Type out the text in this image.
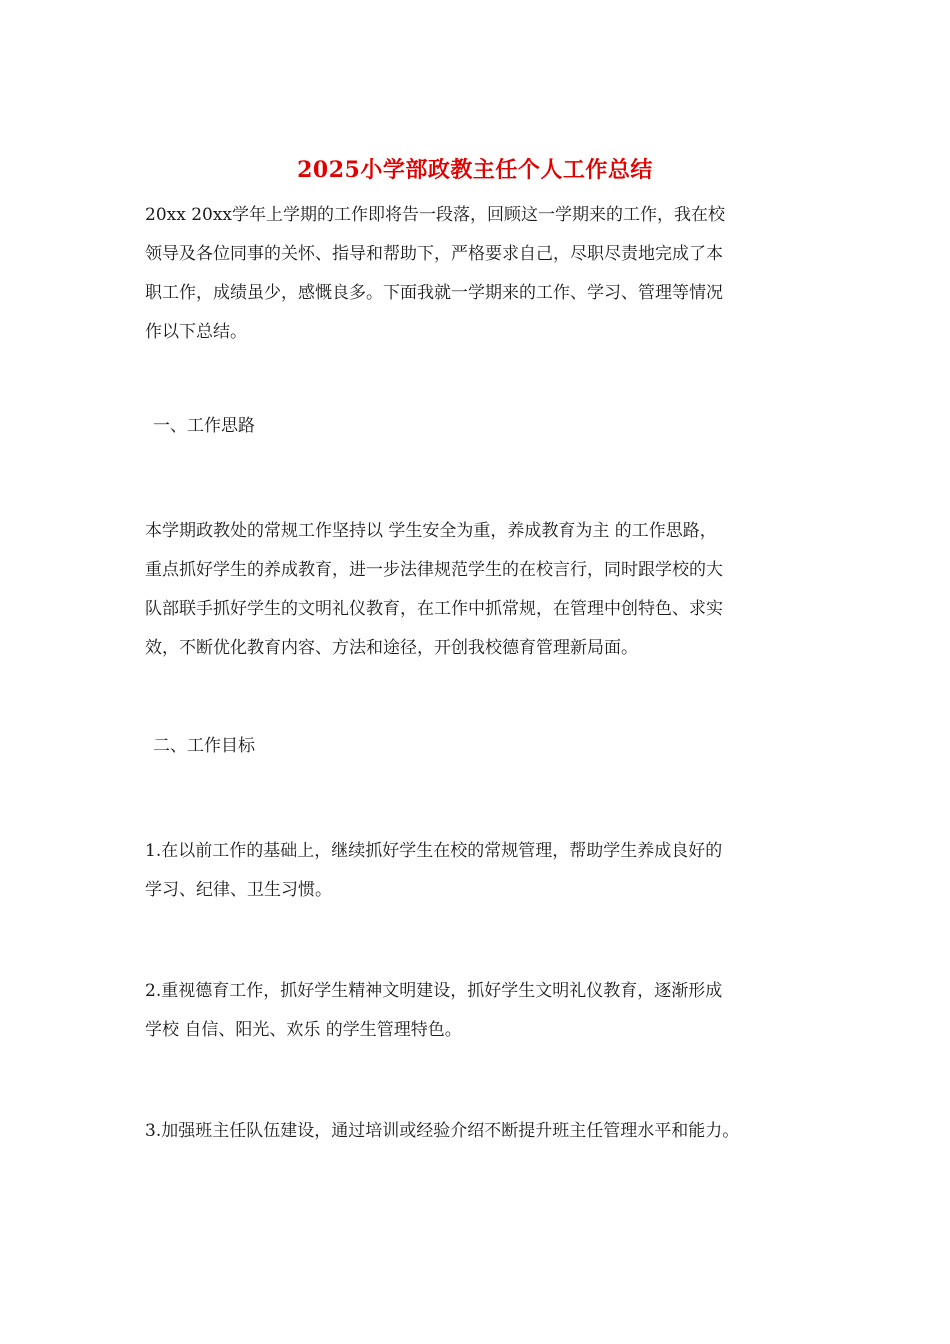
2025小学部政教主任个人工作总结
20xx 20xx学年上学期的工作即将告一段落，回顾这一学期来的工作，我在校
领导及各位同事的关怀、指导和帮助下，严格要求自己，尽职尽责地完成了本
职工作，成绩虽少，感慨良多。下面我就一学期来的工作、学习、管理等情况
作以下总结。
一、工作思路
本学期政教处的常规工作坚持以 学生安全为重，养成教育为主 的工作思路，
重点抓好学生的养成教育，进一步法律规范学生的在校言行，同时跟学校的大
队部联手抓好学生的文明礼仪教育，在工作中抓常规，在管理中创特色、求实
效，不断优化教育内容、方法和途径，开创我校德育管理新局面。
二、工作目标
1.在以前工作的基础上，继续抓好学生在校的常规管理，帮助学生养成良好的
学习、纪律、卫生习惯。
2.重视德育工作，抓好学生精神文明建设，抓好学生文明礼仪教育，逐渐形成
学校 自信、阳光、欢乐 的学生管理特色。
3.加强班主任队伍建设，通过培训或经验介绍不断提升班主任管理水平和能力。
